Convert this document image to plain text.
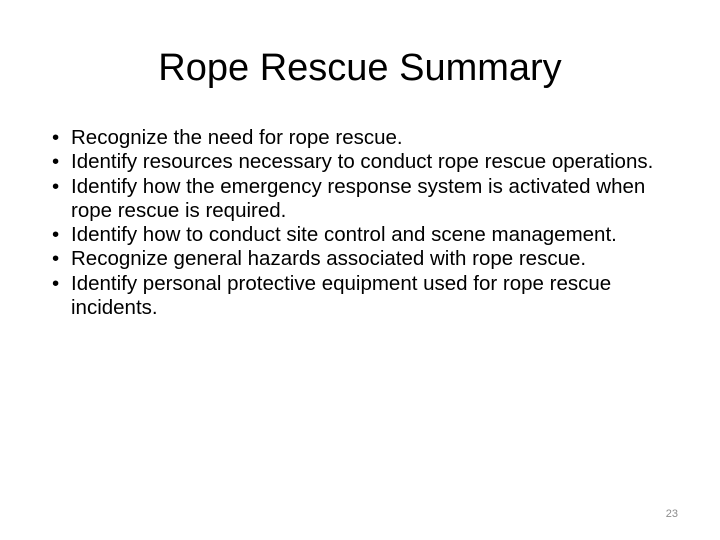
Rope Rescue Summary
• Recognize the need for rope rescue.
• Identify resources necessary to conduct rope rescue operations.
• Identify how the emergency response system is activated when rope rescue is required.
• Identify how to conduct site control and scene management.
• Recognize general hazards associated with rope rescue.
• Identify personal protective equipment used for rope rescue incidents.
23
